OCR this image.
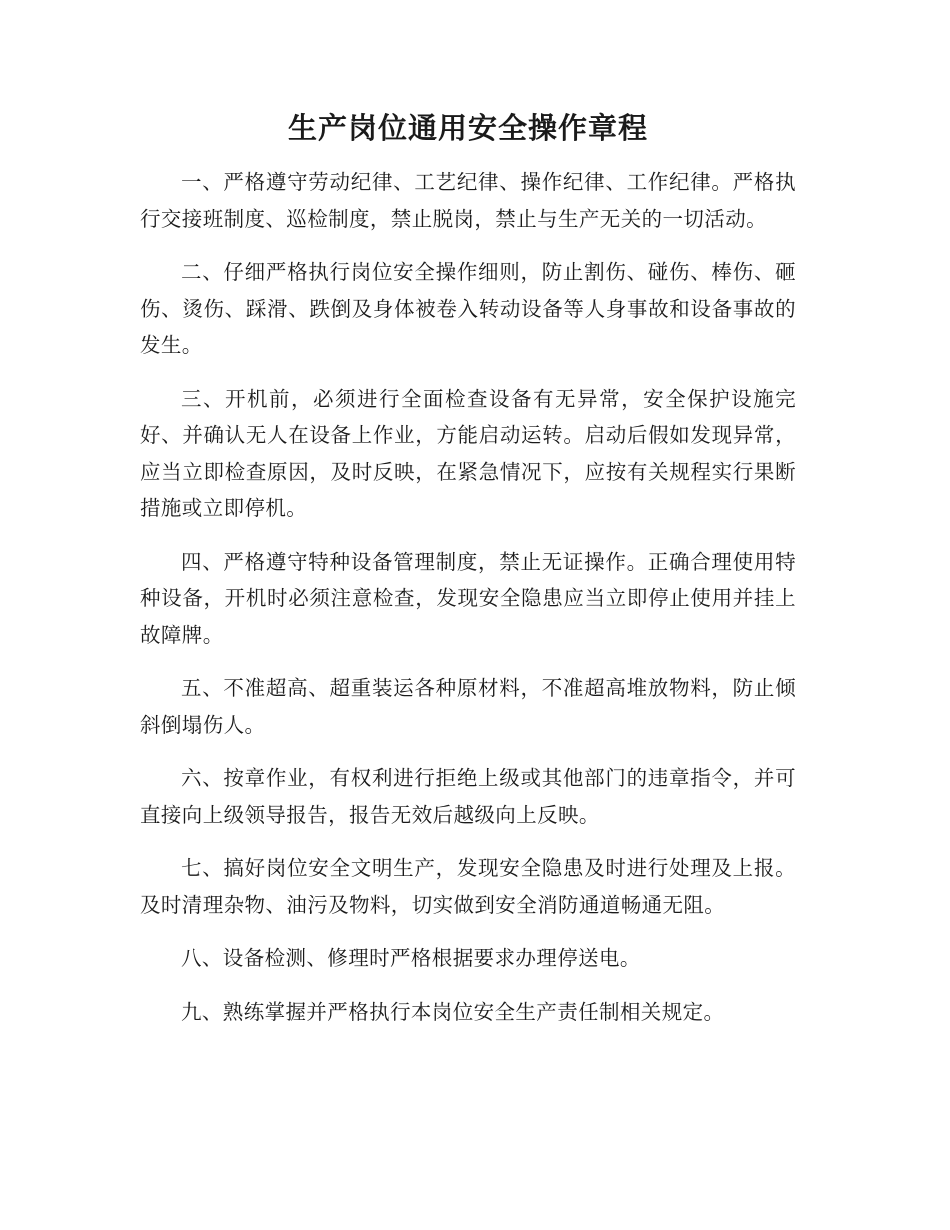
生产岗位通用安全操作章程

一、严格遵守劳动纪律、工艺纪律、操作纪律、工作纪律。严格执行交接班制度、巡检制度，禁止脱岗，禁止与生产无关的一切活动。

二、仔细严格执行岗位安全操作细则，防止割伤、碰伤、棒伤、砸伤、烫伤、踩滑、跌倒及身体被卷入转动设备等人身事故和设备事故的发生。

三、开机前，必须进行全面检查设备有无异常，安全保护设施完好、并确认无人在设备上作业，方能启动运转。启动后假如发现异常，应当立即检查原因，及时反映，在紧急情况下，应按有关规程实行果断措施或立即停机。

四、严格遵守特种设备管理制度，禁止无证操作。正确合理使用特种设备，开机时必须注意检查，发现安全隐患应当立即停止使用并挂上故障牌。

五、不准超高、超重装运各种原材料，不准超高堆放物料，防止倾斜倒塌伤人。

六、按章作业，有权利进行拒绝上级或其他部门的违章指令，并可直接向上级领导报告，报告无效后越级向上反映。

七、搞好岗位安全文明生产，发现安全隐患及时进行处理及上报。及时清理杂物、油污及物料，切实做到安全消防通道畅通无阻。

八、设备检测、修理时严格根据要求办理停送电。

九、熟练掌握并严格执行本岗位安全生产责任制相关规定。
